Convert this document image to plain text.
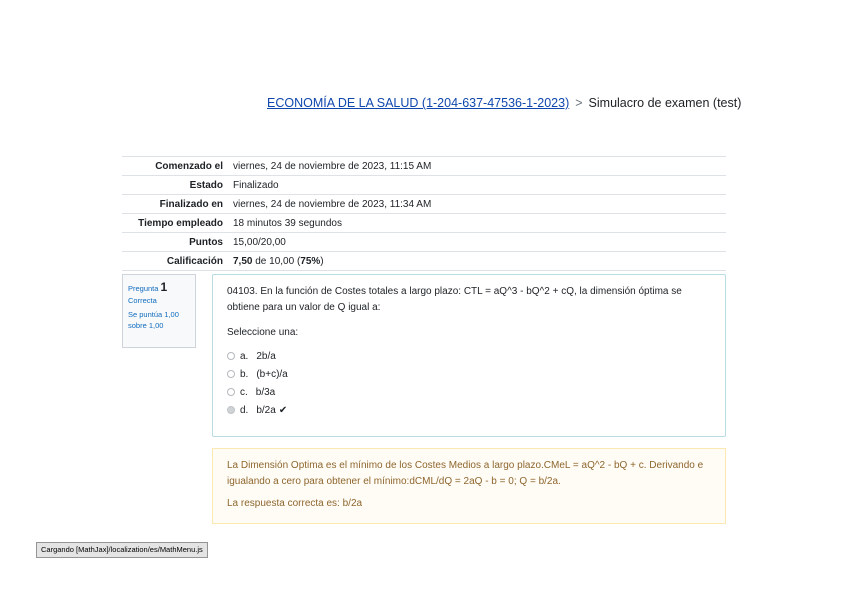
ECONOMÍA DE LA SALUD (1-204-637-47536-1-2023) > Simulacro de examen (test)
Comenzado el	viernes, 24 de noviembre de 2023, 11:15 AM
Estado	Finalizado
Finalizado en	viernes, 24 de noviembre de 2023, 11:34 AM
Tiempo empleado	18 minutos 39 segundos
Puntos	15,00/20,00
Calificación	7,50 de 10,00 (75%)
Pregunta 1
Correcta
Se puntúa 1,00 sobre 1,00
04103. En la función de Costes totales a largo plazo: CTL = aQ^3 - bQ^2 + cQ, la dimensión óptima se obtiene para un valor de Q igual a:
Seleccione una:
a. 2b/a
b. (b+c)/a
c. b/3a
d. b/2a ✔
La Dimensión Optima es el mínimo de los Costes Medios a largo plazo.CMeL = aQ^2 - bQ + c. Derivando e igualando a cero para obtener el mínimo:dCML/dQ = 2aQ - b = 0; Q = b/2a.
La respuesta correcta es: b/2a
Cargando [MathJax]/localization/es/MathMenu.js
